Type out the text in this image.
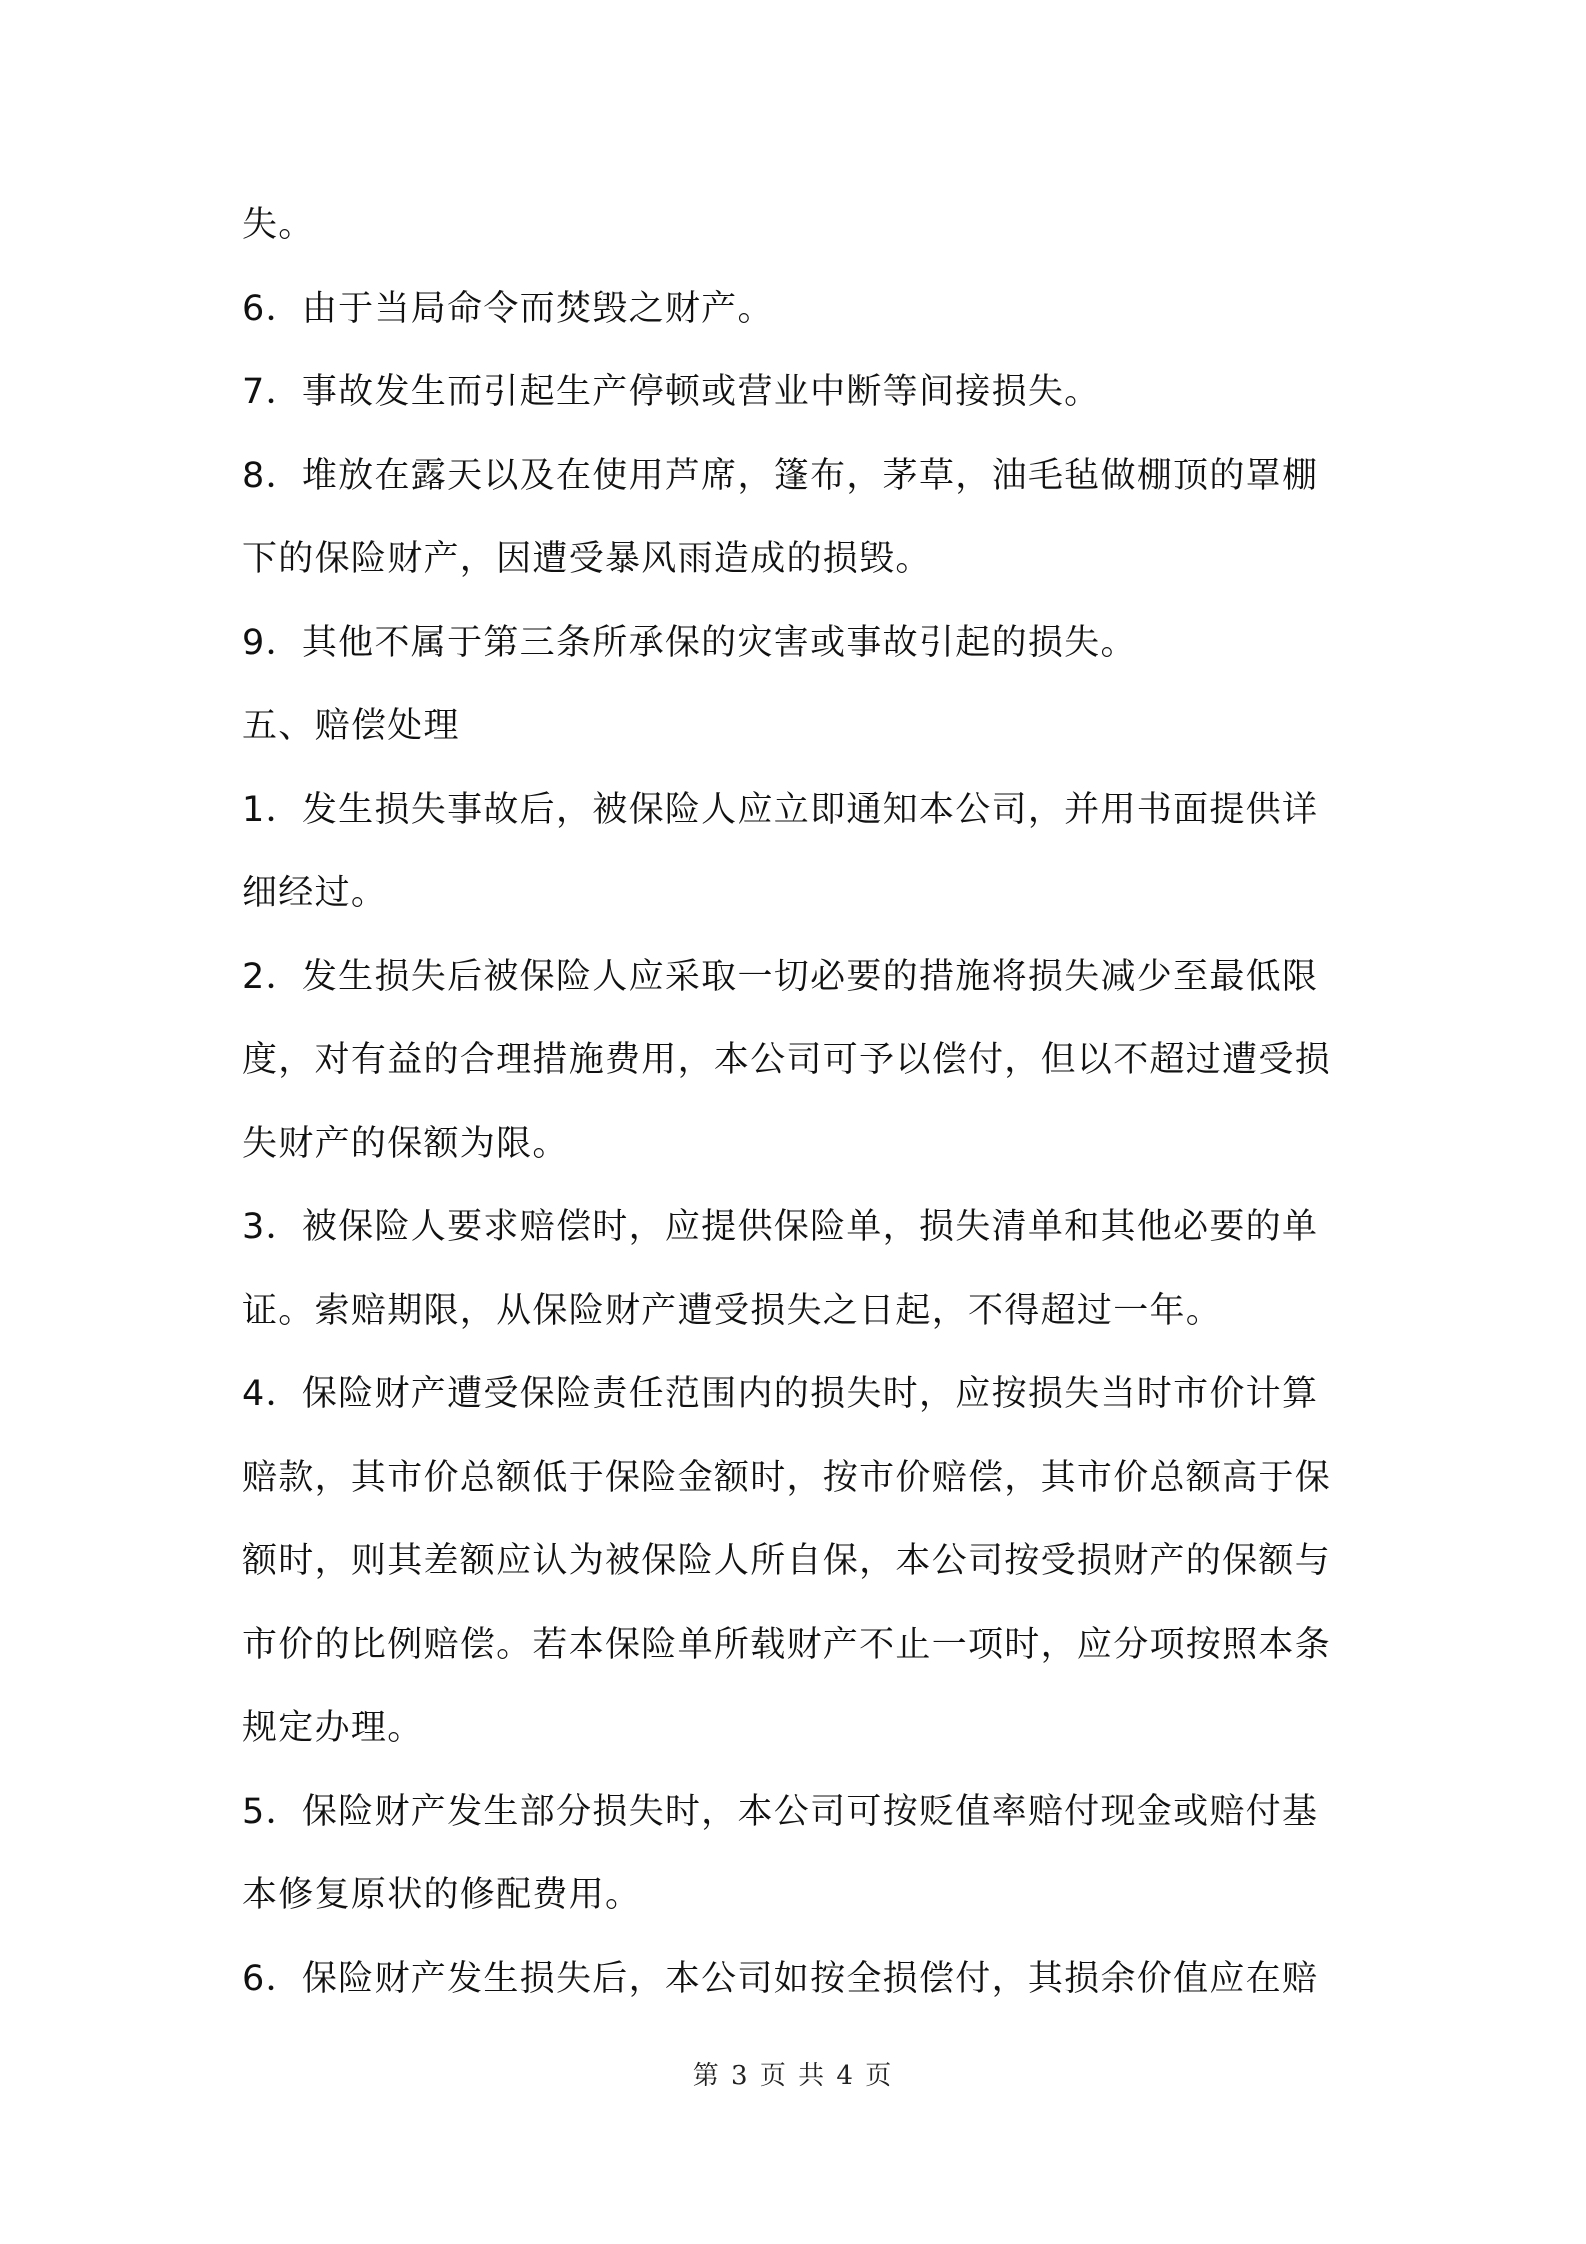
失。
6．由于当局命令而焚毁之财产。
7．事故发生而引起生产停顿或营业中断等间接损失。
8．堆放在露天以及在使用芦席，篷布，茅草，油毛毡做棚顶的罩棚
下的保险财产，因遭受暴风雨造成的损毁。
9．其他不属于第三条所承保的灾害或事故引起的损失。
五、赔偿处理
1．发生损失事故后，被保险人应立即通知本公司，并用书面提供详
细经过。
2．发生损失后被保险人应采取一切必要的措施将损失减少至最低限
度，对有益的合理措施费用，本公司可予以偿付，但以不超过遭受损
失财产的保额为限。
3．被保险人要求赔偿时，应提供保险单，损失清单和其他必要的单
证。索赔期限，从保险财产遭受损失之日起，不得超过一年。
4．保险财产遭受保险责任范围内的损失时，应按损失当时市价计算
赔款，其市价总额低于保险金额时，按市价赔偿，其市价总额高于保
额时，则其差额应认为被保险人所自保，本公司按受损财产的保额与
市价的比例赔偿。若本保险单所载财产不止一项时，应分项按照本条
规定办理。
5．保险财产发生部分损失时，本公司可按贬值率赔付现金或赔付基
本修复原状的修配费用。
6．保险财产发生损失后，本公司如按全损偿付，其损余价值应在赔
第 3 页 共 4 页
